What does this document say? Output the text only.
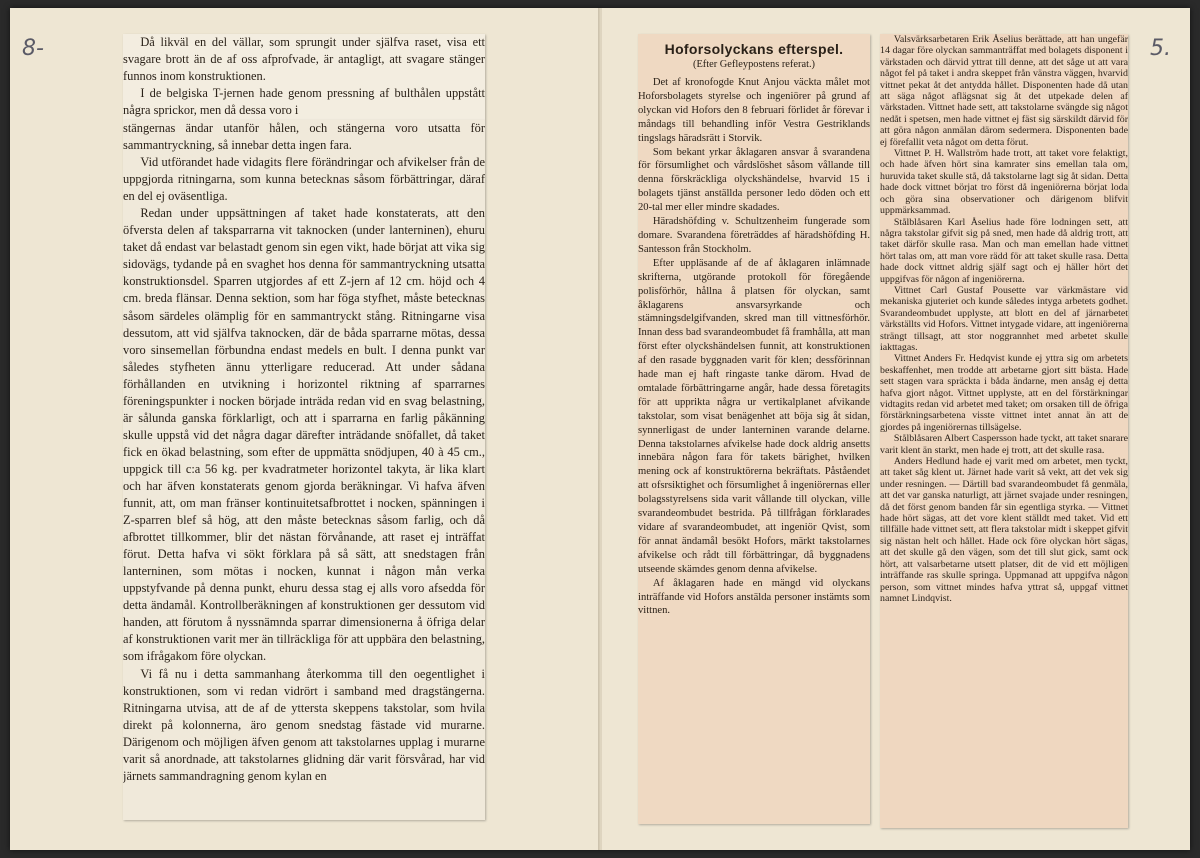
8-	5.

Då likväl en del vällar, som sprungit under själfva raset, visa ett svagare brott än de af oss afprofvade, är antagligt, att svagare stänger funnos inom konstruktionen.

I de belgiska T-jernen hade genom pressning af bulthålen uppstått några sprickor, men då dessa voro i

stängernas ändar utanför hålen, och stängerna voro utsatta för sammantryckning, så innebar detta ingen fara.

Vid utförandet hade vidagits flere förändringar och afvikelser från de uppgjorda ritningarna, som kunna betecknas såsom förbättringar, däraf en del ej oväsentliga.

Redan under uppsättningen af taket hade konstaterats, att den öfversta delen af taksparrarna vit taknocken (under lanterninen), ehuru taket då endast var belastadt genom sin egen vikt, hade börjat att vika sig sidovägs, tydande på en svaghet hos denna för sammantryckning utsatta konstruktionsdel. Sparren utgjordes af ett Z-jern af 12 cm. höjd och 4 cm. breda flänsar. Denna sektion, som har föga styfhet, måste betecknas såsom särdeles olämplig för en sammantryckt stång. Ritningarne visa dessutom, att vid själfva taknocken, där de båda sparrarne mötas, dessa voro sinsemellan förbundna endast medels en bult. I denna punkt var således styfheten ännu ytterligare reducerad. Att under sådana förhållanden en utvikning i horizontel riktning af sparrarnes föreningspunkter i nocken började inträda redan vid en svag belastning, är sålunda ganska förklarligt, och att i sparrarna en farlig påkänning skulle uppstå vid det några dagar därefter inträdande snöfallet, då taket fick en ökad belastning, som efter de uppmätta snödjupen, 40 à 45 cm., uppgick till c:a 56 kg. per kvadratmeter horizontel takyta, är lika klart och har äfven konstaterats genom gjorda beräkningar. Vi hafva äfven funnit, att, om man fränser kontinuitetsafbrottet i nocken, spänningen i Z-sparren blef så hög, att den måste betecknas såsom farlig, och då afbrottet tillkommer, blir det nästan förvånande, att raset ej inträffat förut. Detta hafva vi sökt förklara på så sätt, att snedstagen från lanterninen, som mötas i nocken, kunnat i någon mån verka uppstyfvande på denna punkt, ehuru dessa stag ej alls voro afsedda för detta ändamål. Kontrollberäkningen af konstruktionen ger dessutom vid handen, att förutom å nyssnämnda sparrar dimensionerna å öfriga delar af konstruktionen varit mer än tillräckliga för att uppbära den belastning, som ifrågakom före olyckan.

Vi få nu i detta sammanhang återkomma till den oegentlighet i konstruktionen, som vi redan vidrört i samband med dragstängerna. Ritningarna utvisa, att de af de yttersta skeppens takstolar, som hvila direkt på kolonnerna, äro genom snedstag fästade vid murarne. Därigenom och möjligen äfven genom att takstolarnes upplag i murarne varit så anordnade, att takstolarnes glidning där varit försvårad, har vid järnets sammandragning genom kylan en

Hoforsolyckans efterspel.
(Efter Gefleypostens referat.)

Det af kronofogde Knut Anjou väckta målet mot Hoforsbolagets styrelse och ingeniörer på grund af olyckan vid Hofors den 8 februari förlidet år förevar i måndags till behandling inför Vestra Gestriklands tingslags häradsrätt i Storvik.

Som bekant yrkar åklagaren ansvar å svarandena för försumlighet och vårdslöshet såsom vållande till denna förskräckliga olyckshändelse, hvarvid 15 i bolagets tjänst anställda personer ledo döden och ett 20-tal mer eller mindre skadades.

Häradshöfding v. Schultzenheim fungerade som domare. Svarandena företräddes af häradshöfding H. Santesson från Stockholm.

Efter uppläsande af de af åklagaren inlämnade skrifterna, utgörande protokoll för föregående polisförhör, hållna å platsen för olyckan, samt åklagarens ansvarsyrkande och stämningsdelgifvanden, skred man till vittnesförhör. Innan dess bad svarandeombudet få framhålla, att man först efter olyckshändelsen funnit, att konstruktionen af den rasade byggnaden varit för klen; dessförinnan hade man ej haft ringaste tanke därom. Hvad de omtalade förbättringarne angår, hade dessa företagits för att upprikta några ur vertikalplanet afvikande takstolar, som visat benägenhet att böja sig åt sidan, synnerligast de under lanterninen varande delarne. Denna takstolarnes afvikelse hade dock aldrig ansetts innebära någon fara för takets bärighet, hvilken mening ock af konstruktörerna bekräftats. Påståendet att ofsrsiktighet och försumlighet å ingeniörernas eller bolagsstyrelsens sida varit vållande till olyckan, ville svarandeombudet bestrida. På tillfrågan förklarades vidare af svarandeombudet, att ingeniör Qvist, som för annat ändamål besökt Hofors, märkt takstolarnes afvikelse och rådt till förbättringar, då byggnadens utseende skämdes genom denna afvikelse.

Af åklagaren hade en mängd vid olyckans inträffande vid Hofors anstälda personer instämts som vittnen.

Valsvärksarbetaren Erik Åselius berättade, att han ungefär 14 dagar före olyckan sammanträffat med bolagets disponent i värkstaden och därvid yttrat till denne, att det såge ut att vara något fel på taket i andra skeppet från vänstra väggen, hvarvid vittnet pekat åt det antydda hållet. Disponenten hade då utan att säga något aflägsnat sig åt det utpekade delen af värkstaden. Vittnet hade sett, att takstolarne svängde sig något nedåt i spetsen, men hade vittnet ej fäst sig särskildt därvid för att göra någon anmälan därom sedermera. Disponenten bade ej förefallit veta något om detta förut.

Vittnet P. H. Wallström hade trott, att taket vore felaktigt, och hade äfven hört sina kamrater sins emellan tala om, huruvida taket skulle stå, då takstolarne lagt sig åt sidan. Detta hade dock vittnet börjat tro först då ingeniörerna börjat loda och göra sina observationer och därigenom blifvit uppmärksammad.

Stålblåsaren Karl Åselius hade före lodningen sett, att några takstolar gifvit sig på sned, men hade då aldrig trott, att taket därför skulle rasa. Man och man emellan hade vittnet hört talas om, att man vore rädd för att taket skulle rasa. Detta hade dock vittnet aldrig själf sagt och ej häller hört det uppgifvas för någon af ingeniörerna.

Vittnet Carl Gustaf Pousette var värkmästare vid mekaniska gjuteriet och kunde således intyga arbetets godhet. Svarandeombudet upplyste, att blott en del af järnarbetet värkställts vid Hofors. Vittnet intygade vidare, att ingeniörerna strängt tillsagt, att stor noggrannhet med arbetet skulle iakttagas.

Vittnet Anders Fr. Hedqvist kunde ej yttra sig om arbetets beskaffenhet, men trodde att arbetarne gjort sitt bästa. Hade sett stagen vara spräckta i båda ändarne, men ansåg ej detta hafva gjort något. Vittnet upplyste, att en del förstärkningar vidtagits redan vid arbetet med taket; om orsaken till de öfriga förstärkningsarbetena visste vittnet intet annat än att de gjordes på ingeniörernas tillsägelse.

Stålblåsaren Albert Caspersson hade tyckt, att taket snarare varit klent än starkt, men hade ej trott, att det skulle rasa.

Anders Hedlund hade ej varit med om arbetet, men tyckt, att taket såg klent ut. Järnet hade varit så vekt, att det vek sig under resningen. — Därtill bad svarandeombudet få genmäla, att det var ganska naturligt, att järnet svajade under resningen, då det först genom banden får sin egentliga styrka. — Vittnet hade hört sägas, att det vore klent ställdt med taket. Vid ett tillfälle hade vittnet sett, att flera takstolar midt i skeppet gifvit sig nästan helt och hållet. Hade ock före olyckan hört sägas, att det skulle gå den vägen, som det till slut gick, samt ock hört, att valsarbetarne utsett platser, dit de vid ett möjligen inträffande ras skulle springa. Uppmanad att uppgifva någon person, som vittnet mindes hafva yttrat så, uppgaf vittnet namnet Lindqvist.
